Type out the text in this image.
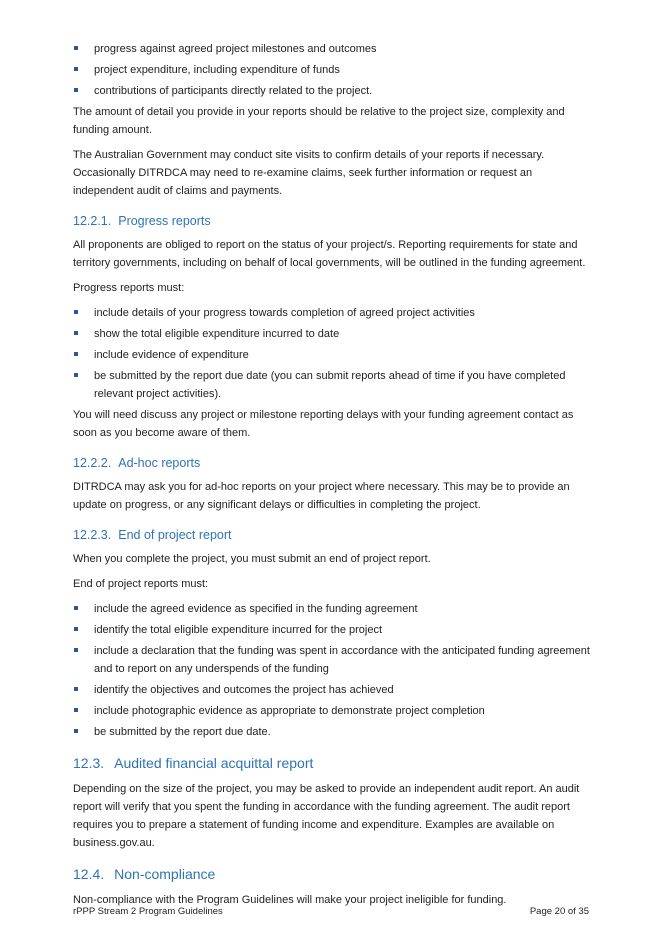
progress against agreed project milestones and outcomes
project expenditure, including expenditure of funds
contributions of participants directly related to the project.

The amount of detail you provide in your reports should be relative to the project size, complexity and funding amount.

The Australian Government may conduct site visits to confirm details of your reports if necessary. Occasionally DITRDCA may need to re-examine claims, seek further information or request an independent audit of claims and payments.

12.2.1. Progress reports

All proponents are obliged to report on the status of your project/s. Reporting requirements for state and territory governments, including on behalf of local governments, will be outlined in the funding agreement.

Progress reports must:

include details of your progress towards completion of agreed project activities
show the total eligible expenditure incurred to date
include evidence of expenditure
be submitted by the report due date (you can submit reports ahead of time if you have completed relevant project activities).

You will need discuss any project or milestone reporting delays with your funding agreement contact as soon as you become aware of them.

12.2.2. Ad-hoc reports

DITRDCA may ask you for ad-hoc reports on your project where necessary. This may be to provide an update on progress, or any significant delays or difficulties in completing the project.

12.2.3. End of project report

When you complete the project, you must submit an end of project report.

End of project reports must:

include the agreed evidence as specified in the funding agreement
identify the total eligible expenditure incurred for the project
include a declaration that the funding was spent in accordance with the anticipated funding agreement and to report on any underspends of the funding
identify the objectives and outcomes the project has achieved
include photographic evidence as appropriate to demonstrate project completion
be submitted by the report due date.
12.3. Audited financial acquittal report

Depending on the size of the project, you may be asked to provide an independent audit report. An audit report will verify that you spent the funding in accordance with the funding agreement. The audit report requires you to prepare a statement of funding income and expenditure. Examples are available on business.gov.au.

12.4. Non-compliance

Non-compliance with the Program Guidelines will make your project ineligible for funding.

rPPP Stream 2 Program Guidelines	Page 20 of 35
